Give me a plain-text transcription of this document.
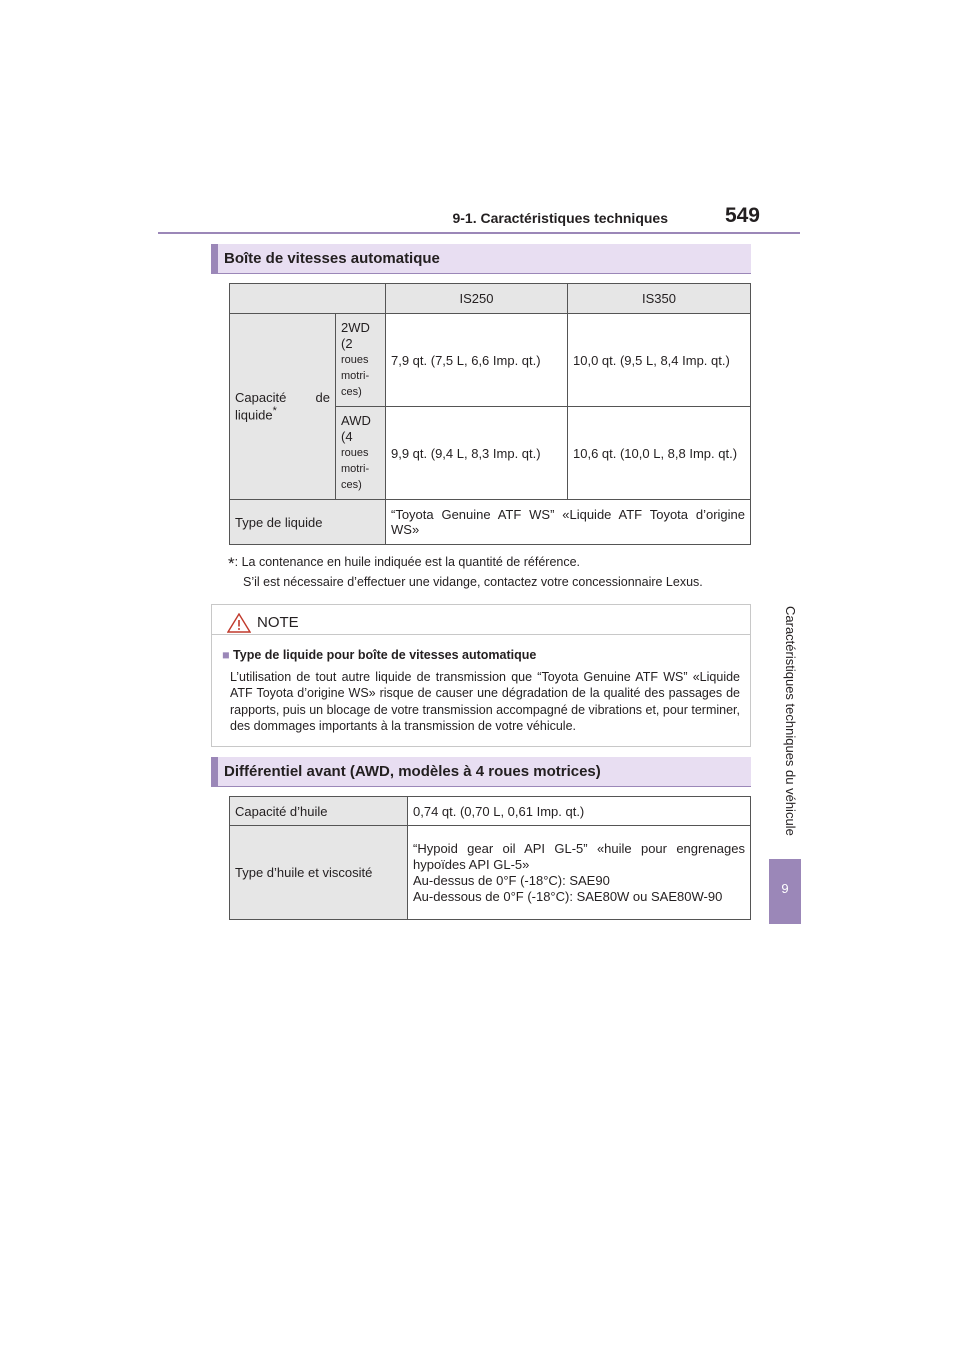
9-1. Caractéristiques techniques	549
Caractéristiques techniques du véhicule
9
Boîte de vitesses automatique
		IS250	IS350

Capacité de liquide*	2WD (2
roues motri-ces)	7,9 qt. (7,5 L, 6,6 Imp. qt.)	10,0 qt. (9,5 L, 8,4 Imp. qt.)

	AWD (4
roues motri-ces)	9,9 qt. (9,4 L, 8,3 Imp. qt.)	10,6 qt. (10,0 L, 8,8 Imp. qt.)
Type de liquide		“Toyota Genuine ATF WS” «Liquide ATF Toyota d’origine WS»	
*: La contenance en huile indiquée est la quantité de référence.
S’il est nécessaire d’effectuer une vidange, contactez votre concessionnaire Lexus.
NOTE
■ Type de liquide pour boîte de vitesses automatique
L’utilisation de tout autre liquide de transmission que “Toyota Genuine ATF WS” «Liquide ATF Toyota d’origine WS» risque de causer une dégradation de la qualité des passages de rapports, puis un blocage de votre transmission accompagné de vibrations et, pour terminer, des dommages importants à la transmission de votre véhicule.
Différentiel avant (AWD, modèles à 4 roues motrices)
Capacité d’huile	0,74 qt. (0,70 L, 0,61 Imp. qt.)
Type d’huile et viscosité	“Hypoid gear oil API GL-5” «huile pour engrenages hypoïdes API GL-5»
Au-dessus de 0°F (-18°C): SAE90
Au-dessous de 0°F (-18°C): SAE80W ou SAE80W-90
